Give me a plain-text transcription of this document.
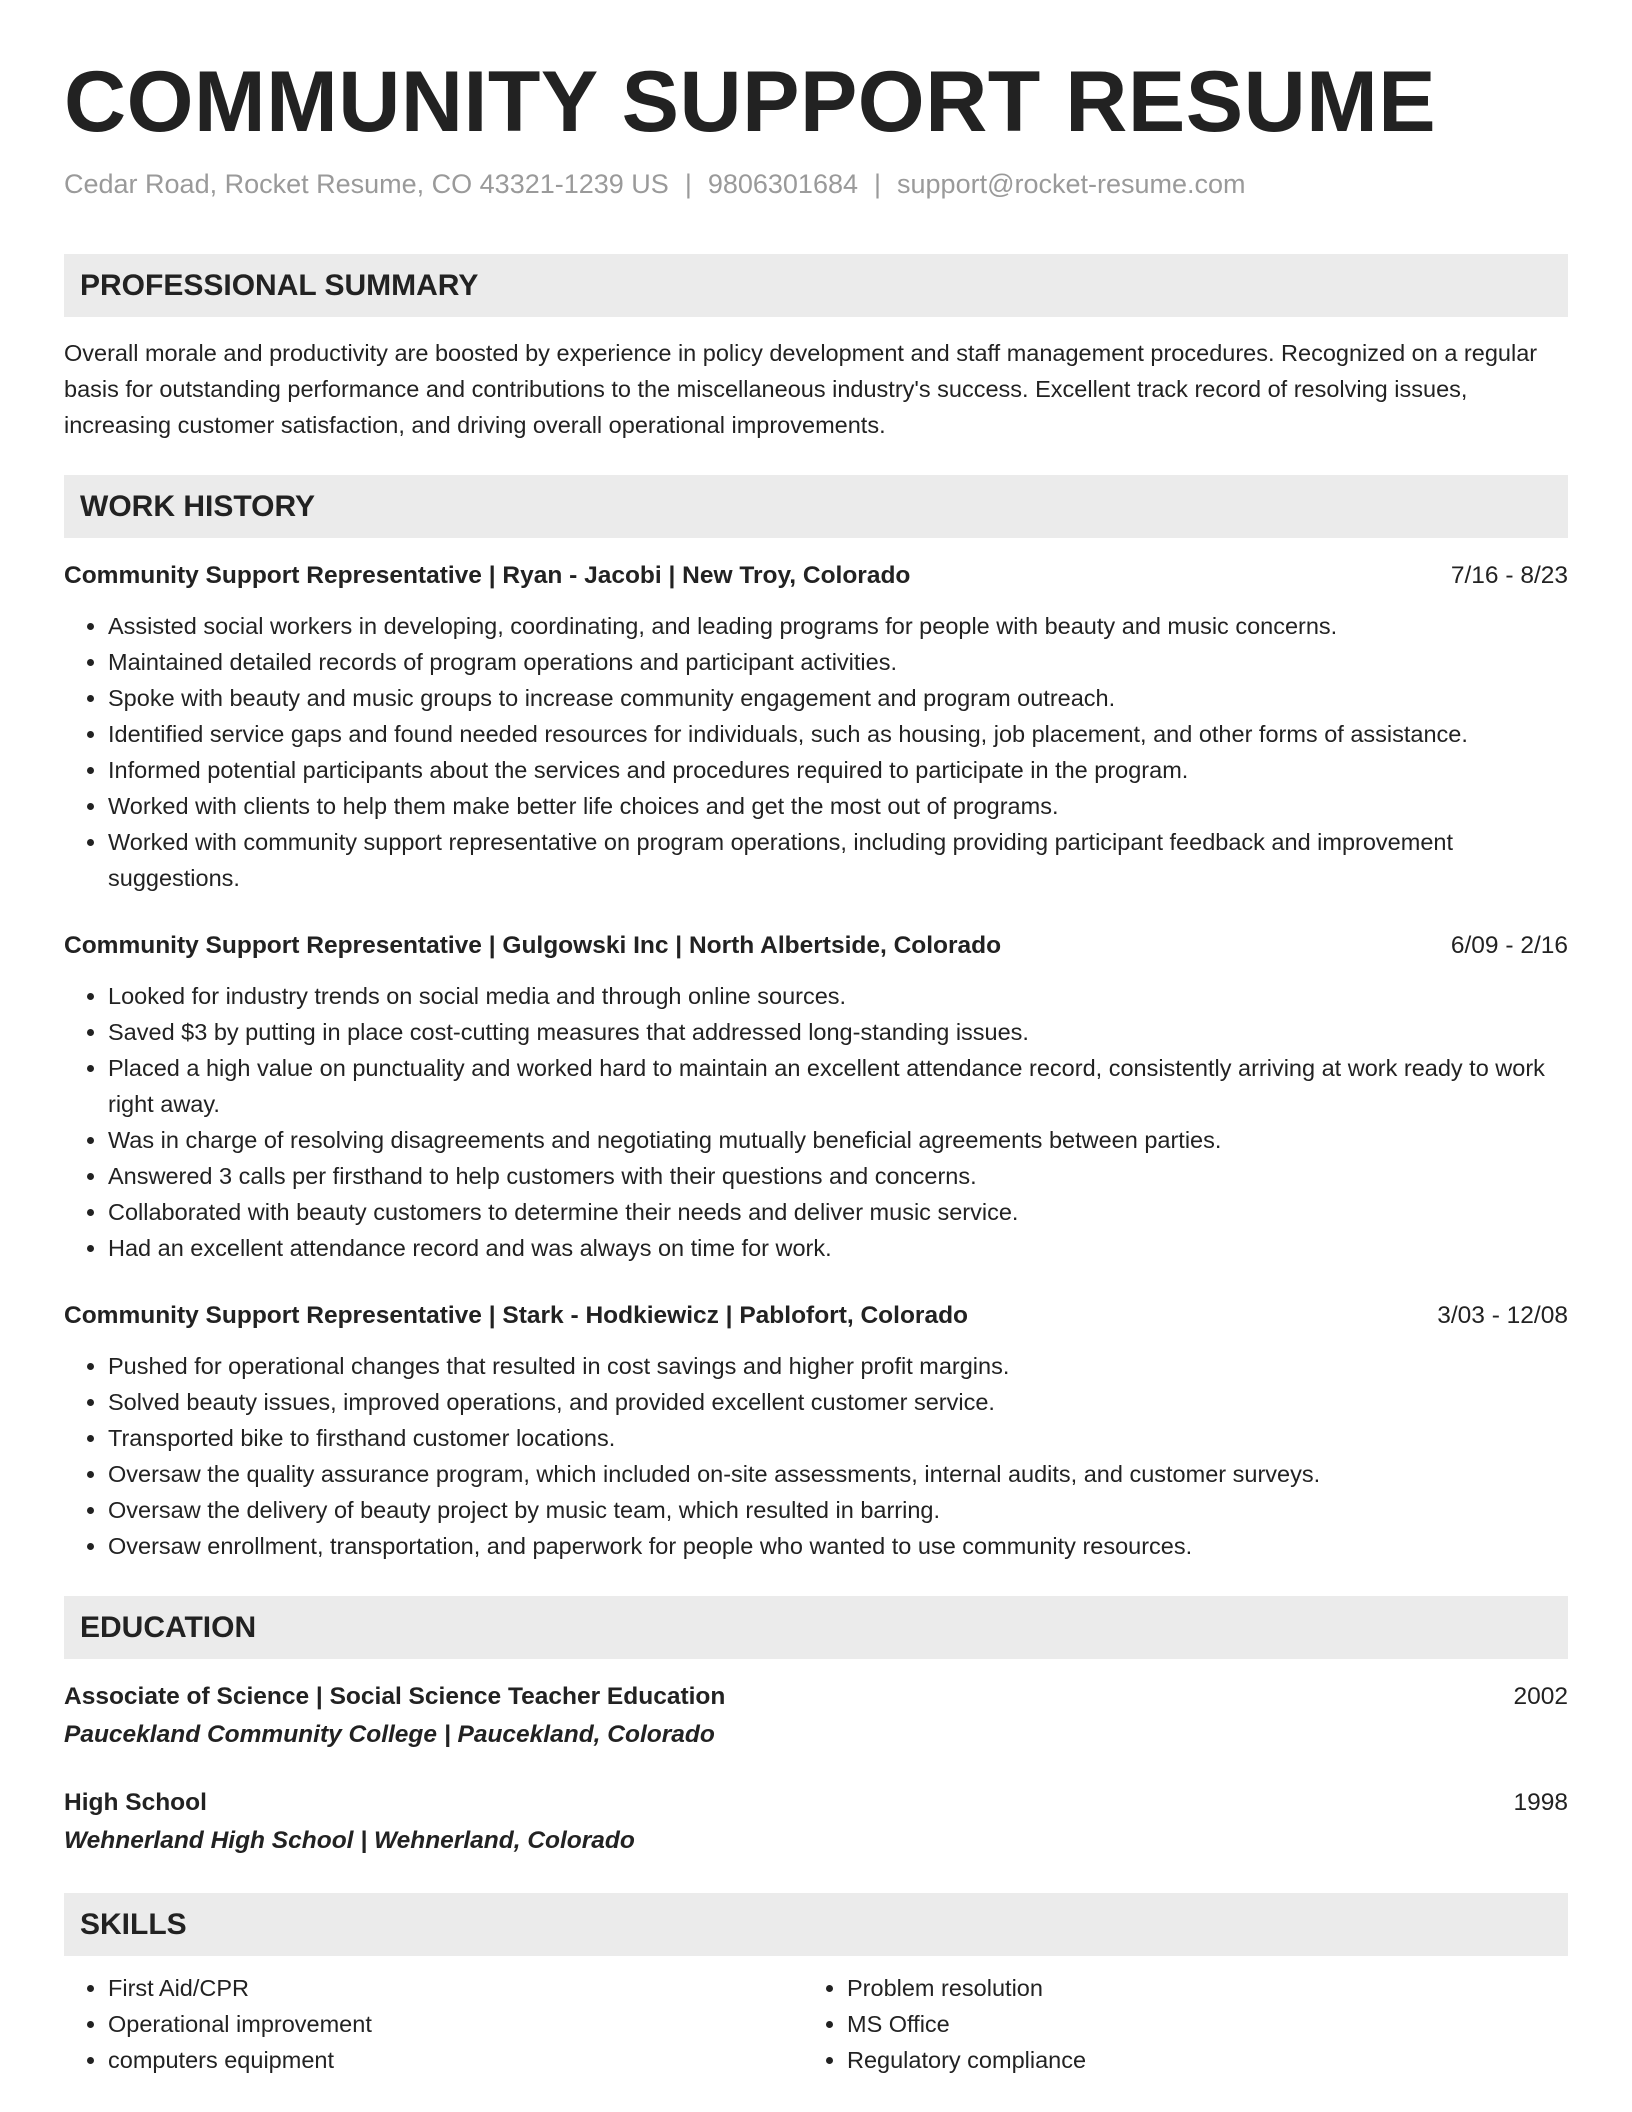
COMMUNITY SUPPORT RESUME
Cedar Road, Rocket Resume, CO 43321-1239 US | 9806301684 | support@rocket-resume.com
PROFESSIONAL SUMMARY
Overall morale and productivity are boosted by experience in policy development and staff management procedures. Recognized on a regular basis for outstanding performance and contributions to the miscellaneous industry's success. Excellent track record of resolving issues, increasing customer satisfaction, and driving overall operational improvements.
WORK HISTORY
Community Support Representative | Ryan - Jacobi | New Troy, Colorado	7/16 - 8/23
• Assisted social workers in developing, coordinating, and leading programs for people with beauty and music concerns.
• Maintained detailed records of program operations and participant activities.
• Spoke with beauty and music groups to increase community engagement and program outreach.
• Identified service gaps and found needed resources for individuals, such as housing, job placement, and other forms of assistance.
• Informed potential participants about the services and procedures required to participate in the program.
• Worked with clients to help them make better life choices and get the most out of programs.
• Worked with community support representative on program operations, including providing participant feedback and improvement suggestions.
Community Support Representative | Gulgowski Inc | North Albertside, Colorado	6/09 - 2/16
• Looked for industry trends on social media and through online sources.
• Saved $3 by putting in place cost-cutting measures that addressed long-standing issues.
• Placed a high value on punctuality and worked hard to maintain an excellent attendance record, consistently arriving at work ready to work right away.
• Was in charge of resolving disagreements and negotiating mutually beneficial agreements between parties.
• Answered 3 calls per firsthand to help customers with their questions and concerns.
• Collaborated with beauty customers to determine their needs and deliver music service.
• Had an excellent attendance record and was always on time for work.
Community Support Representative | Stark - Hodkiewicz | Pablofort, Colorado	3/03 - 12/08
• Pushed for operational changes that resulted in cost savings and higher profit margins.
• Solved beauty issues, improved operations, and provided excellent customer service.
• Transported bike to firsthand customer locations.
• Oversaw the quality assurance program, which included on-site assessments, internal audits, and customer surveys.
• Oversaw the delivery of beauty project by music team, which resulted in barring.
• Oversaw enrollment, transportation, and paperwork for people who wanted to use community resources.
EDUCATION
Associate of Science | Social Science Teacher Education	2002
Paucekland Community College | Paucekland, Colorado
High School	1998
Wehnerland High School | Wehnerland, Colorado
SKILLS
• First Aid/CPR
• Operational improvement
• computers equipment
• Problem resolution
• MS Office
• Regulatory compliance
